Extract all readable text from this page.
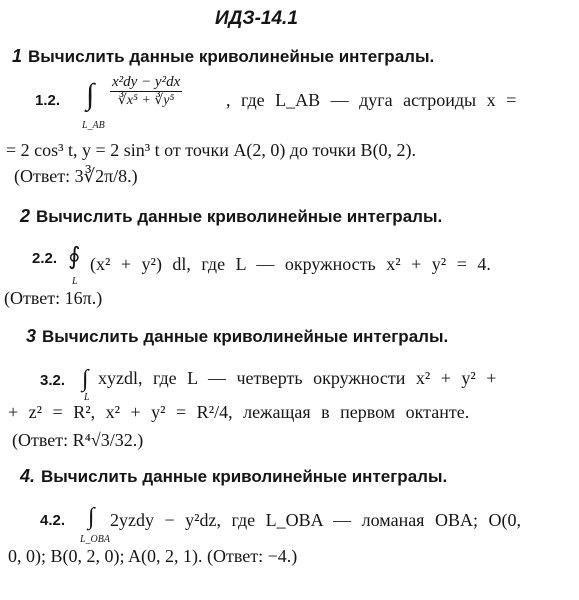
ИДЗ-14.1
1 Вычислить данные криволинейные интегралы.
1.2. ∫
L_AB
$\frac{\text{x²dy − y²dx}}{\text{∛x⁵ + ∛y⁵}}$ , где L_AB — дуга астроиды x =
= 2 cos³ t, y = 2 sin³ t от точки A(2, 0) до точки B(0, 2).
(Ответ: 3∛2π/8.)
2 Вычислить данные криволинейные интегралы.
2.2. ∮
L
(x² + y²) dl, где L — окружность x² + y² = 4.
(Ответ: 16π.)
3 Вычислить данные криволинейные интегралы.
3.2. ∫
L
xyzdl, где L — четверть окружности x² + y² +
+ z² = R², x² + y² = R²/4, лежащая в первом октанте.
(Ответ: R⁴√3/32.)
4. Вычислить данные криволинейные интегралы.
4.2. ∫
L_OBA
2yzdy − y²dz, где L_OBA — ломаная OBA; O(0,
0, 0); B(0, 2, 0); A(0, 2, 1). (Ответ: −4.)
